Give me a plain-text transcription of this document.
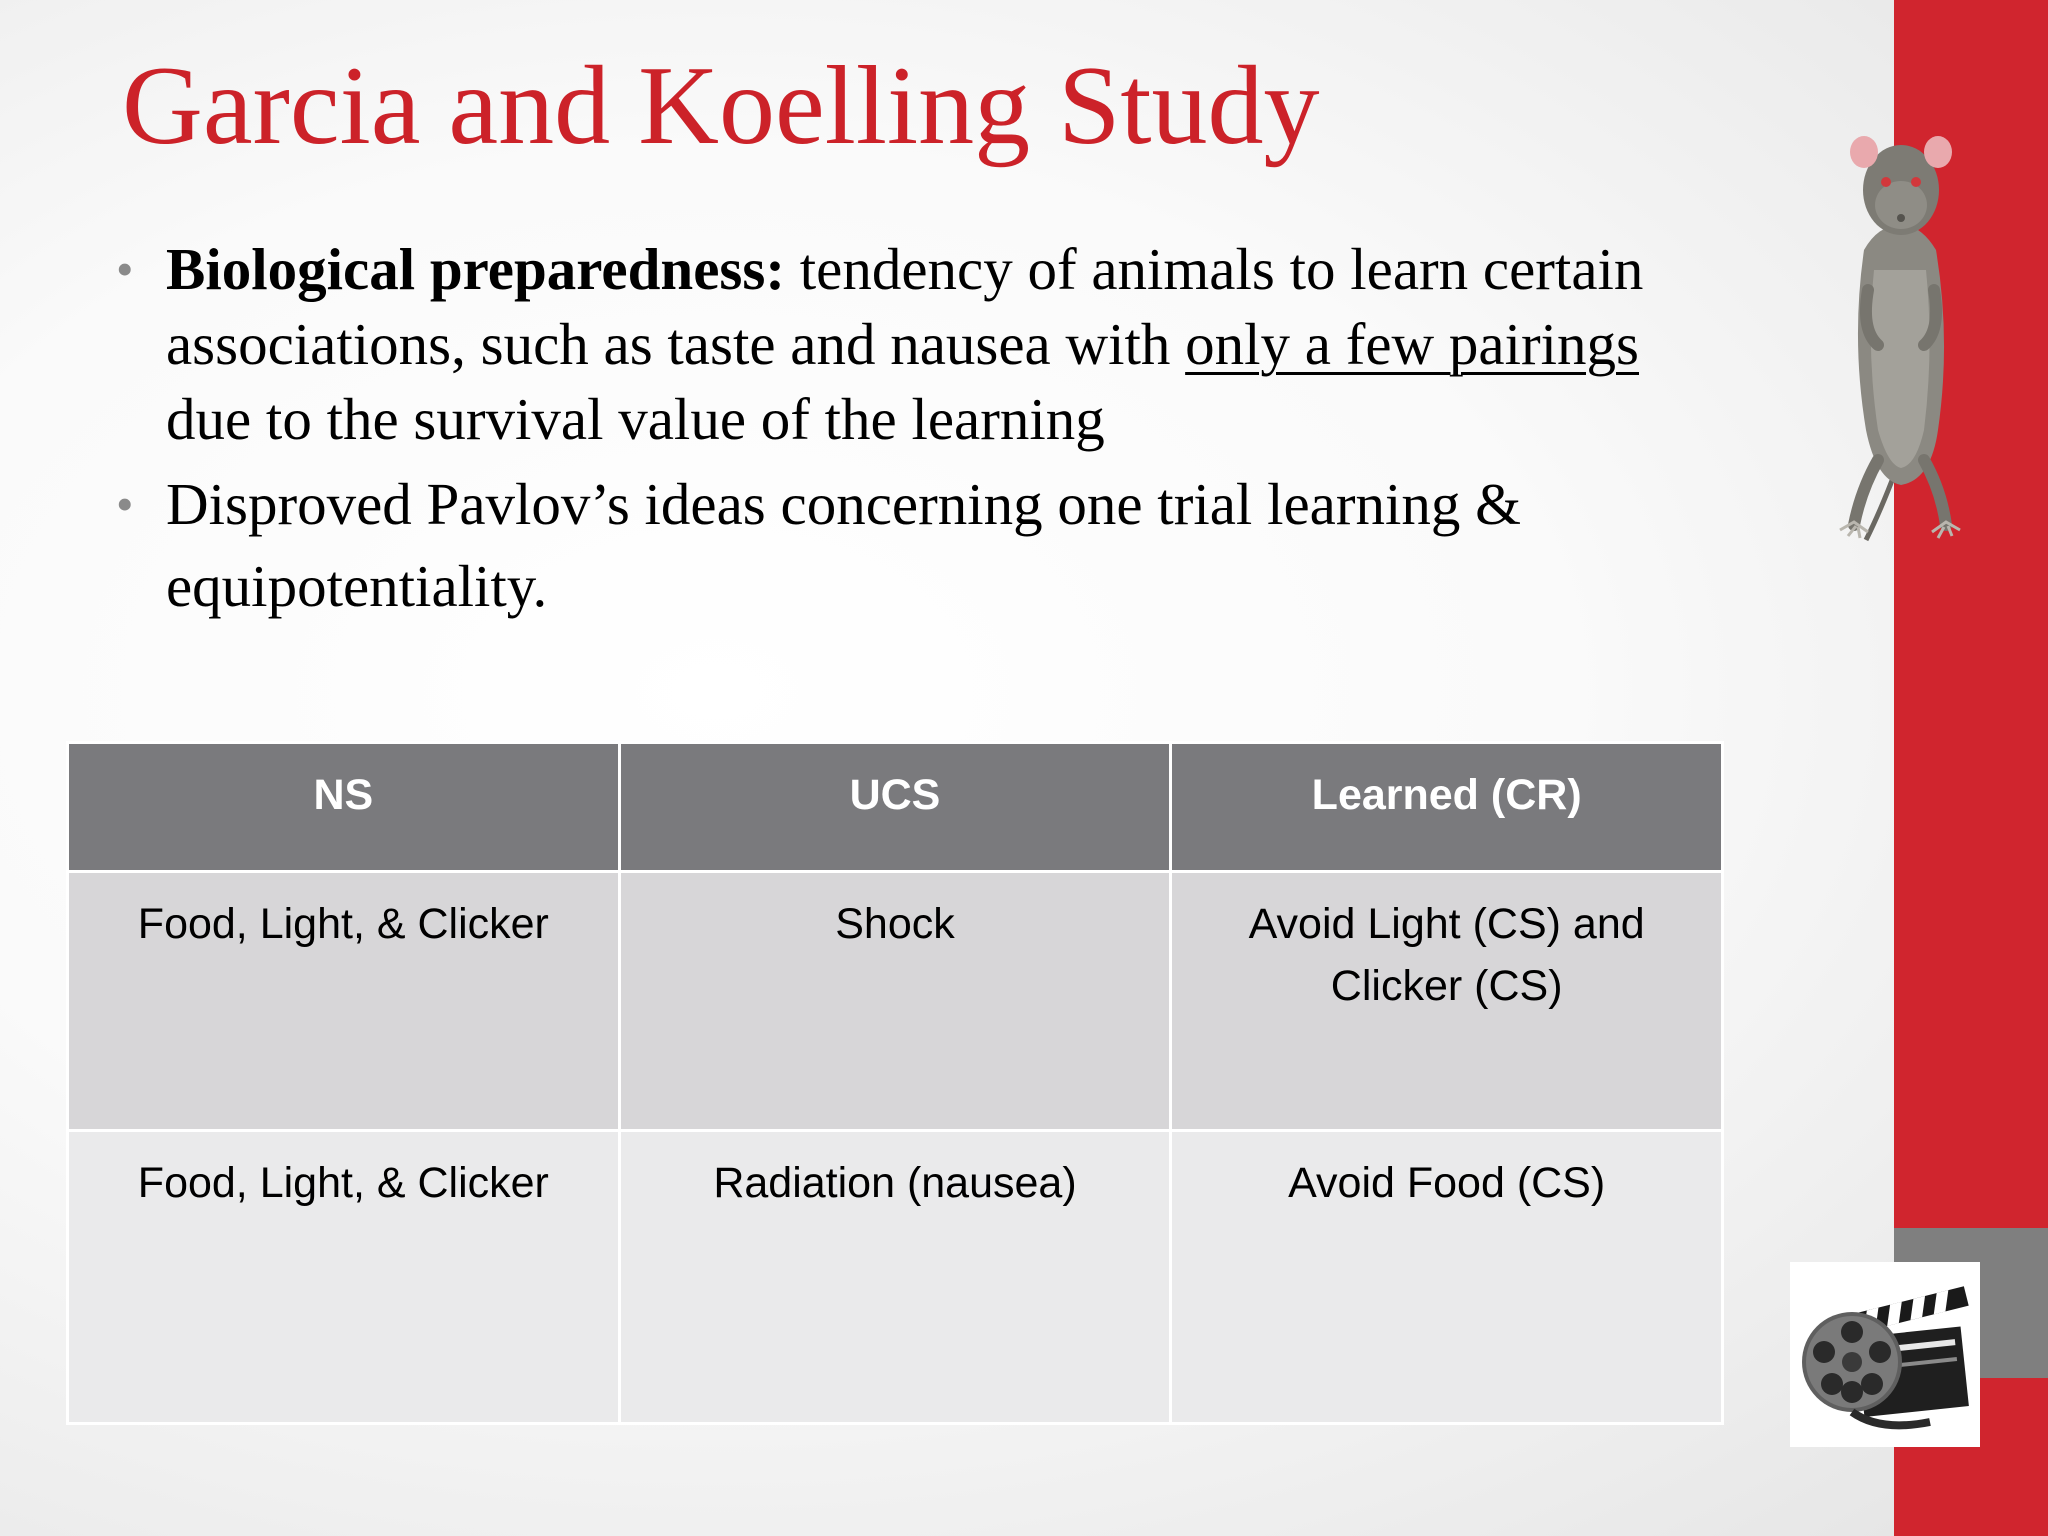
Garcia and Koelling Study
• Biological preparedness: tendency of animals to learn certain associations, such as taste and nausea with only a few pairings due to the survival value of the learning
• Disproved Pavlov’s ideas concerning one trial learning & equipotentiality.
NS	UCS	Learned (CR)
Food, Light, & Clicker	Shock	Avoid Light (CS) and Clicker (CS)
Food, Light, & Clicker	Radiation (nausea)	Avoid Food (CS)
